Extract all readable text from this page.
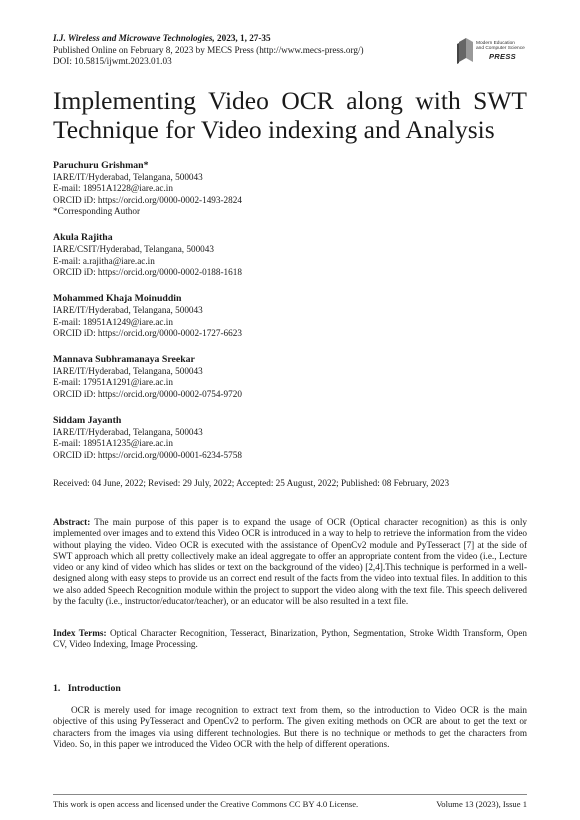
I.J. Wireless and Microwave Technologies, 2023, 1, 27-35
Published Online on February 8, 2023 by MECS Press (http://www.mecs-press.org/)
DOI: 10.5815/ijwmt.2023.01.03
Modern Education
and Computer Science
PRESS
Implementing Video OCR along with SWT Technique for Video indexing and Analysis
Paruchuru Grishman*
IARE/IT/Hyderabad, Telangana, 500043
E-mail: 18951A1228@iare.ac.in
ORCID iD: https://orcid.org/0000-0002-1493-2824
*Corresponding Author
Akula Rajitha
IARE/CSIT/Hyderabad, Telangana, 500043
E-mail: a.rajitha@iare.ac.in
ORCID iD: https://orcid.org/0000-0002-0188-1618
Mohammed Khaja Moinuddin
IARE/IT/Hyderabad, Telangana, 500043
E-mail: 18951A1249@iare.ac.in
ORCID iD: https://orcid.org/0000-0002-1727-6623
Mannava Subhramanaya Sreekar
IARE/IT/Hyderabad, Telangana, 500043
E-mail: 17951A1291@iare.ac.in
ORCID iD: https://orcid.org/0000-0002-0754-9720
Siddam Jayanth
IARE/IT/Hyderabad, Telangana, 500043
E-mail: 18951A1235@iare.ac.in
ORCID iD: https://orcid.org/0000-0001-6234-5758
Received: 04 June, 2022; Revised: 29 July, 2022; Accepted: 25 August, 2022; Published: 08 February, 2023
Abstract: The main purpose of this paper is to expand the usage of OCR (Optical character recognition) as this is only implemented over images and to extend this Video OCR is introduced in a way to help to retrieve the information from the video without playing the video. Video OCR is executed with the assistance of OpenCv2 module and PyTesseract [7] at the side of SWT approach which all pretty collectively make an ideal aggregate to offer an appropriate content from the video (i.e., Lecture video or any kind of video which has slides or text on the background of the video) [2,4].This technique is performed in a well-designed along with easy steps to provide us an correct end result of the facts from the video into textual files. In addition to this we also added Speech Recognition module within the project to support the video along with the text file. This speech delivered by the faculty (i.e., instructor/educator/teacher), or an educator will be also resulted in a text file.
Index Terms: Optical Character Recognition, Tesseract, Binarization, Python, Segmentation, Stroke Width Transform, Open CV, Video Indexing, Image Processing.
1.   Introduction
OCR is merely used for image recognition to extract text from them, so the introduction to Video OCR is the main objective of this using PyTesseract and OpenCv2 to perform. The given exiting methods on OCR are about to get the text or characters from the images via using different technologies. But there is no technique or methods to get the characters from Video. So, in this paper we introduced the Video OCR with the help of different operations.
This work is open access and licensed under the Creative Commons CC BY 4.0 License.	Volume 13 (2023), Issue 1
